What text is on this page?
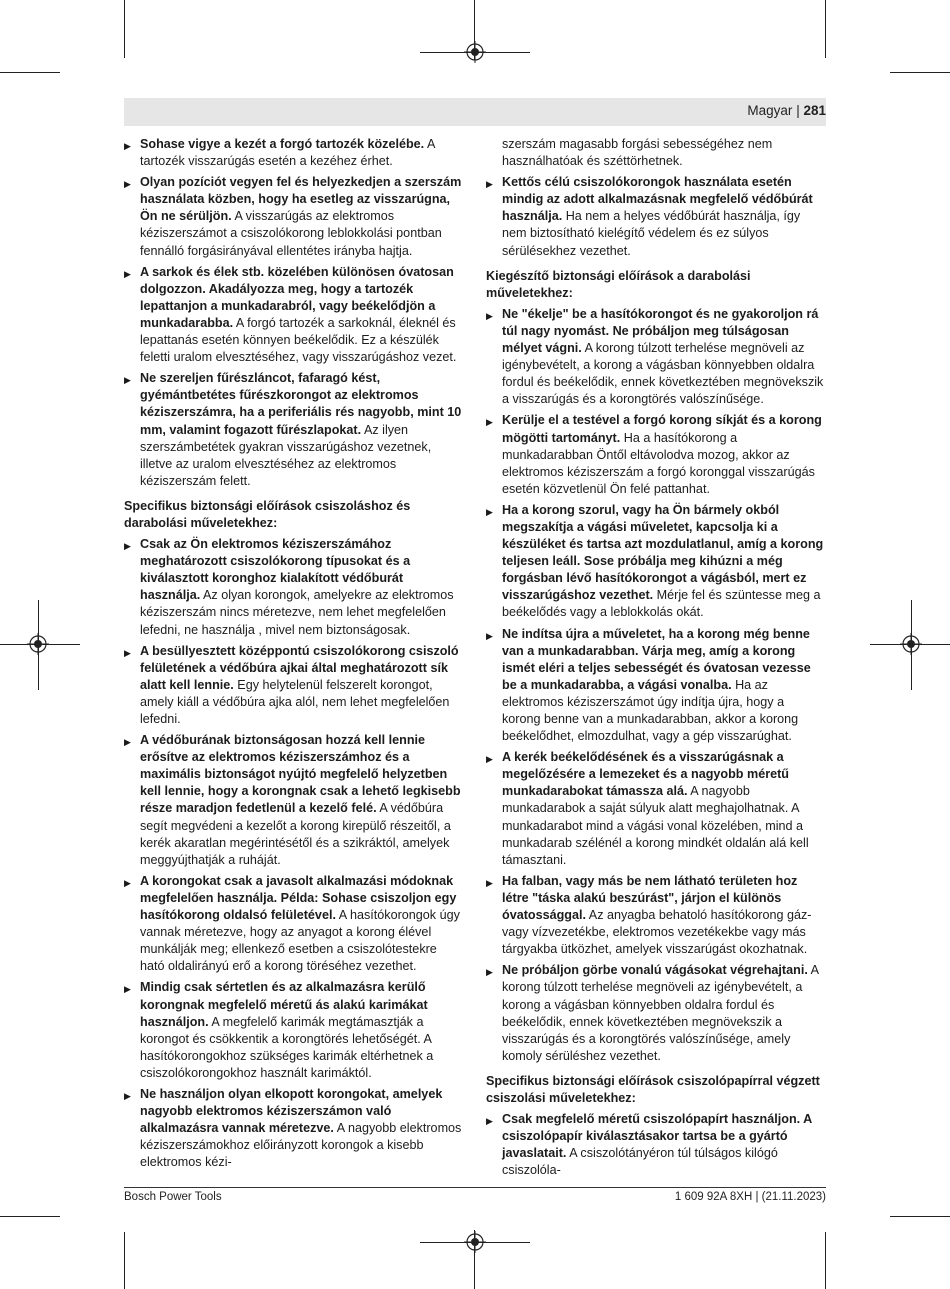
Magyar | 281
▶ Sohase vigye a kezét a forgó tartozék közelébe. A tartozék visszarúgás esetén a kezéhez érhet.
▶ Olyan pozíciót vegyen fel és helyezkedjen a szerszám használata közben, hogy ha esetleg az visszarúgna, Ön ne sérüljön. A visszarúgás az elektromos kéziszerszámot a csiszolókorong leblokkolási pontban fennálló forgásirányával ellentétes irányba hajtja.
▶ A sarkok és élek stb. közelében különösen óvatosan dolgozzon. Akadályozza meg, hogy a tartozék lepattanjon a munkadarabról, vagy beékelődjön a munkadarabba. A forgó tartozék a sarkoknál, éleknél és lepattanás esetén könnyen beékelődik. Ez a készülék feletti uralom elvesztéséhez, vagy visszarúgáshoz vezet.
▶ Ne szereljen fűrészláncot, fafaragó kést, gyémántbetétes fűrészkorongot az elektromos kéziszerszámra, ha a periferiális rés nagyobb, mint 10 mm, valamint fogazott fűrészlapokat. Az ilyen szerszámbetétek gyakran visszarúgáshoz vezetnek, illetve az uralom elvesztéséhez az elektromos kéziszerszám felett.
Specifikus biztonsági előírások csiszoláshoz és darabolási műveletekhez:
▶ Csak az Ön elektromos kéziszerszámához meghatározott csiszolókorong típusokat és a kiválasztott koronghoz kialakított védőburát használja. Az olyan korongok, amelyekre az elektromos kéziszerszám nincs méretezve, nem lehet megfelelően lefedni, ne használja , mivel nem biztonságosak.
▶ A besüllyesztett középpontú csiszolókorong csiszoló felületének a védőbúra ajkai által meghatározott sík alatt kell lennie. Egy helytelenül felszerelt korongot, amely kiáll a védőbúra ajka alól, nem lehet megfelelően lefedni.
▶ A védőburának biztonságosan hozzá kell lennie erősítve az elektromos kéziszerszámhoz és a maximális biztonságot nyújtó megfelelő helyzetben kell lennie, hogy a korongnak csak a lehető legkisebb része maradjon fedetlenül a kezelő felé. A védőbúra segít megvédeni a kezelőt a korong kirepülő részeitől, a kerék akaratlan megérintésétől és a szikráktól, amelyek meggyújthatják a ruháját.
▶ A korongokat csak a javasolt alkalmazási módoknak megfelelően használja. Példa: Sohase csiszoljon egy hasítókorong oldalsó felületével. A hasítókorongok úgy vannak méretezve, hogy az anyagot a korong élével munkálják meg; ellenkező esetben a csiszolótestekre ható oldalirányú erő a korong töréséhez vezethet.
▶ Mindig csak sértetlen és az alkalmazásra kerülő korongnak megfelelő méretű ás alakú karimákat használjon. A megfelelő karimák megtámasztják a korongot és csökkentik a korongtörés lehetőségét. A hasítókorongokhoz szükséges karimák eltérhetnek a csiszolókorongokhoz használt karimáktól.
▶ Ne használjon olyan elkopott korongokat, amelyek nagyobb elektromos kéziszerszámon való alkalmazásra vannak méretezve. A nagyobb elektromos kéziszerszámokhoz előirányzott korongok a kisebb elektromos kézi-
szerszám magasabb forgási sebességéhez nem használhatóak és széttörhetnek.
▶ Kettős célú csiszolókorongok használata esetén mindig az adott alkalmazásnak megfelelő védőbúrát használja. Ha nem a helyes védőbúrát használja, így nem biztosítható kielégítő védelem és ez súlyos sérülésekhez vezethet.
Kiegészítő biztonsági előírások a darabolási műveletekhez:
▶ Ne "ékelje" be a hasítókorongot és ne gyakoroljon rá túl nagy nyomást. Ne próbáljon meg túlságosan mélyet vágni. A korong túlzott terhelése megnöveli az igénybevételt, a korong a vágásban könnyebben oldalra fordul és beékelődik, ennek következtében megnövekszik a visszarúgás és a korongtörés valószínűsége.
▶ Kerülje el a testével a forgó korong síkját és a korong mögötti tartományt. Ha a hasítókorong a munkadarabban Öntől eltávolodva mozog, akkor az elektromos kéziszerszám a forgó koronggal visszarúgás esetén közvetlenül Ön felé pattanhat.
▶ Ha a korong szorul, vagy ha Ön bármely okból megszakítja a vágási műveletet, kapcsolja ki a készüléket és tartsa azt mozdulatlanul, amíg a korong teljesen leáll. Sose próbálja meg kihúzni a még forgásban lévő hasítókorongot a vágásból, mert ez visszarúgáshoz vezethet. Mérje fel és szüntesse meg a beékelődés vagy a leblokkolás okát.
▶ Ne indítsa újra a műveletet, ha a korong még benne van a munkadarabban. Várja meg, amíg a korong ismét eléri a teljes sebességét és óvatosan vezesse be a munkadarabba, a vágási vonalba. Ha az elektromos kéziszerszámot úgy indítja újra, hogy a korong benne van a munkadarabban, akkor a korong beékelődhet, elmozdulhat, vagy a gép visszarúghat.
▶ A kerék beékelődésének és a visszarúgásnak a megelőzésére a lemezeket és a nagyobb méretű munkadarabokat támassza alá. A nagyobb munkadarabok a saját súlyuk alatt meghajolhatnak. A munkadarabot mind a vágási vonal közelében, mind a munkadarab szélénél a korong mindkét oldalán alá kell támasztani.
▶ Ha falban, vagy más be nem látható területen hoz létre "táska alakú beszúrást", járjon el különös óvatossággal. Az anyagba behatoló hasítókorong gáz- vagy vízvezetékbe, elektromos vezetékekbe vagy más tárgyakba ütközhet, amelyek visszarúgást okozhatnak.
▶ Ne próbáljon görbe vonalú vágásokat végrehajtani. A korong túlzott terhelése megnöveli az igénybevételt, a korong a vágásban könnyebben oldalra fordul és beékelődik, ennek következtében megnövekszik a visszarúgás és a korongtörés valószínűsége, amely komoly sérüléshez vezethet.
Specifikus biztonsági előírások csiszolópapírral végzett csiszolási műveletekhez:
▶ Csak megfelelő méretű csiszolópapírt használjon. A csiszolópapír kiválasztásakor tartsa be a gyártó javaslatait. A csiszolótányéron túl túlságos kilógó csiszolóla-
Bosch Power Tools	1 609 92A 8XH | (21.11.2023)
